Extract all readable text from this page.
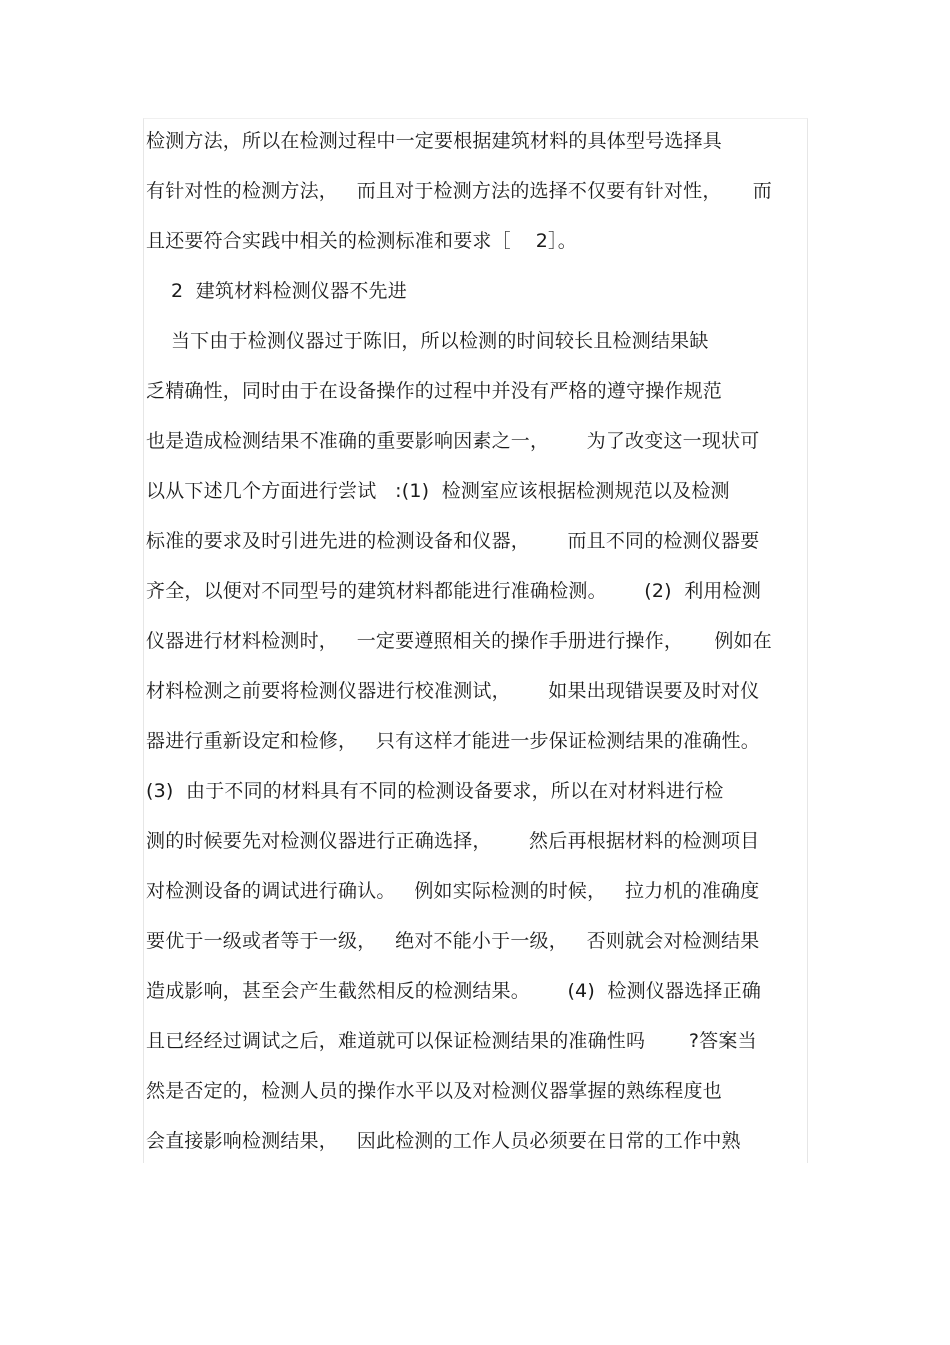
检测方法，所以在检测过程中一定要根据建筑材料的具体型号选择具
有针对性的检测方法，   而且对于检测方法的选择不仅要有针对性，     而
且还要符合实践中相关的检测标准和要求［    2］。
2  建筑材料检测仪器不先进
当下由于检测仪器过于陈旧，所以检测的时间较长且检测结果缺
乏精确性，同时由于在设备操作的过程中并没有严格的遵守操作规范
也是造成检测结果不准确的重要影响因素之一，      为了改变这一现状可
以从下述几个方面进行尝试   :(1)  检测室应该根据检测规范以及检测
标准的要求及时引进先进的检测设备和仪器，      而且不同的检测仪器要
齐全，以便对不同型号的建筑材料都能进行准确检测。      (2)  利用检测
仪器进行材料检测时，   一定要遵照相关的操作手册进行操作，     例如在
材料检测之前要将检测仪器进行校准测试，      如果出现错误要及时对仪
器进行重新设定和检修，   只有这样才能进一步保证检测结果的准确性。
(3)  由于不同的材料具有不同的检测设备要求，所以在对材料进行检
测的时候要先对检测仪器进行正确选择，      然后再根据材料的检测项目
对检测设备的调试进行确认。   例如实际检测的时候，   拉力机的准确度
要优于一级或者等于一级，   绝对不能小于一级，   否则就会对检测结果
造成影响，甚至会产生截然相反的检测结果。      (4)  检测仪器选择正确
且已经经过调试之后，难道就可以保证检测结果的准确性吗       ?答案当
然是否定的，检测人员的操作水平以及对检测仪器掌握的熟练程度也
会直接影响检测结果，   因此检测的工作人员必须要在日常的工作中熟
